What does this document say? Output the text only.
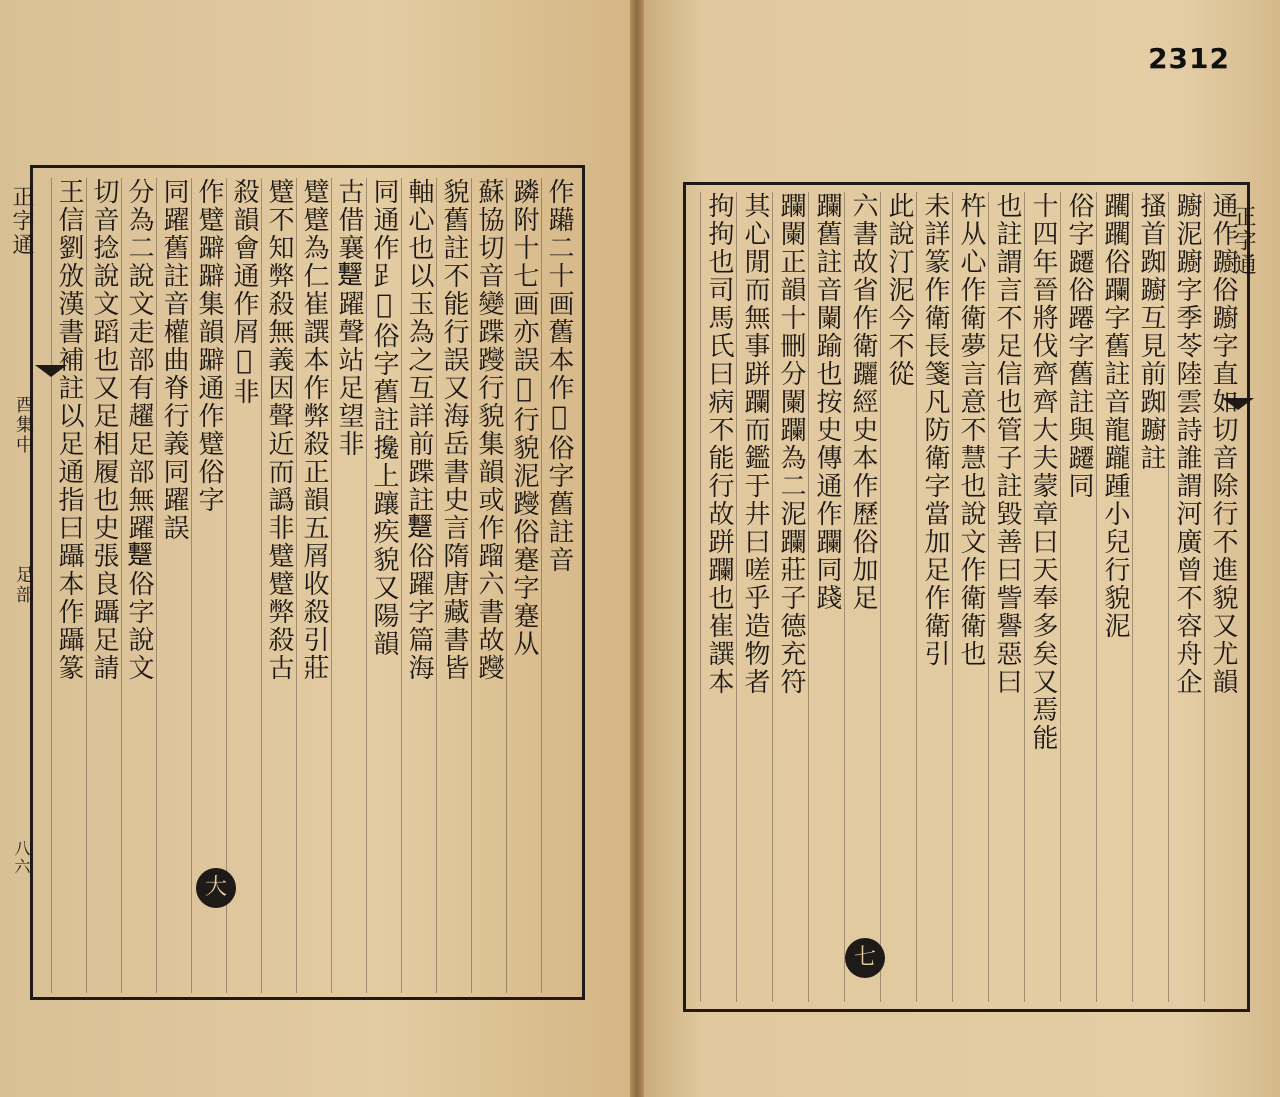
2312
正字通
酉集中
足部
八六
作躤二十画舊本作𨇾俗字舊註音
蹸附十七画亦誤𨇾行貌泥躞俗蹇字蹇从
蘇協切音變蹀躞行貌集韻或作蹓六書故躞
貌舊註不能行誤又海岳書史言隋唐藏書皆
軸心也以玉為之互詳前蹀註𨆪俗躍字篇海
同通作𧾷𨇾俗字舊註攙上躟疾貌又陽韻
古借襄𨆪躍聲站足望非
躄躄為仁崔譔本作弊殺正韻五屑收殺引莊
躄不知弊殺無義因聲近而譌非躄躄弊殺古
殺韻會通作屑𨇒非
作躄躃躃集韻躃通作躄俗字
同躍舊註音權曲脊行義同躍誤
分為二說文走部有趯足部無躍𨆪俗字說文
切音捻說文蹈也又足相履也史張良躡足請
王信劉攽漢書補註以足通指曰躡本作躡篆
大
正字通
通作躕俗躕字直如切音除行不進貌又尤韻
躕泥躕字季苓陸雲詩誰謂河廣曾不容舟企
搔首踟躕互見前踟躕註
躙躙俗躝字舊註音龍躘踵小兒行貌泥
俗字躚俗蹮字舊註與躚同
十四年晉將伐齊齊大夫蒙章曰天奉多矣又焉能
也註謂言不足信也管子註毀善曰訾譽惡曰
杵从心作衛夢言意不慧也說文作衛衛也
未詳篆作衛長箋凡防衛字當加足作衛引
此說汀泥今不從
六書故省作衛躧經史本作歷俗加足
躝舊註音闌踰也按史傳通作躝同踐
躝闌正韻十刪分闌躝為二泥躝莊子德充符
其心閒而無事跰躝而鑑于井曰嗟乎造物者
拘拘也司馬氏曰病不能行故跰躝也崔譔本
七
